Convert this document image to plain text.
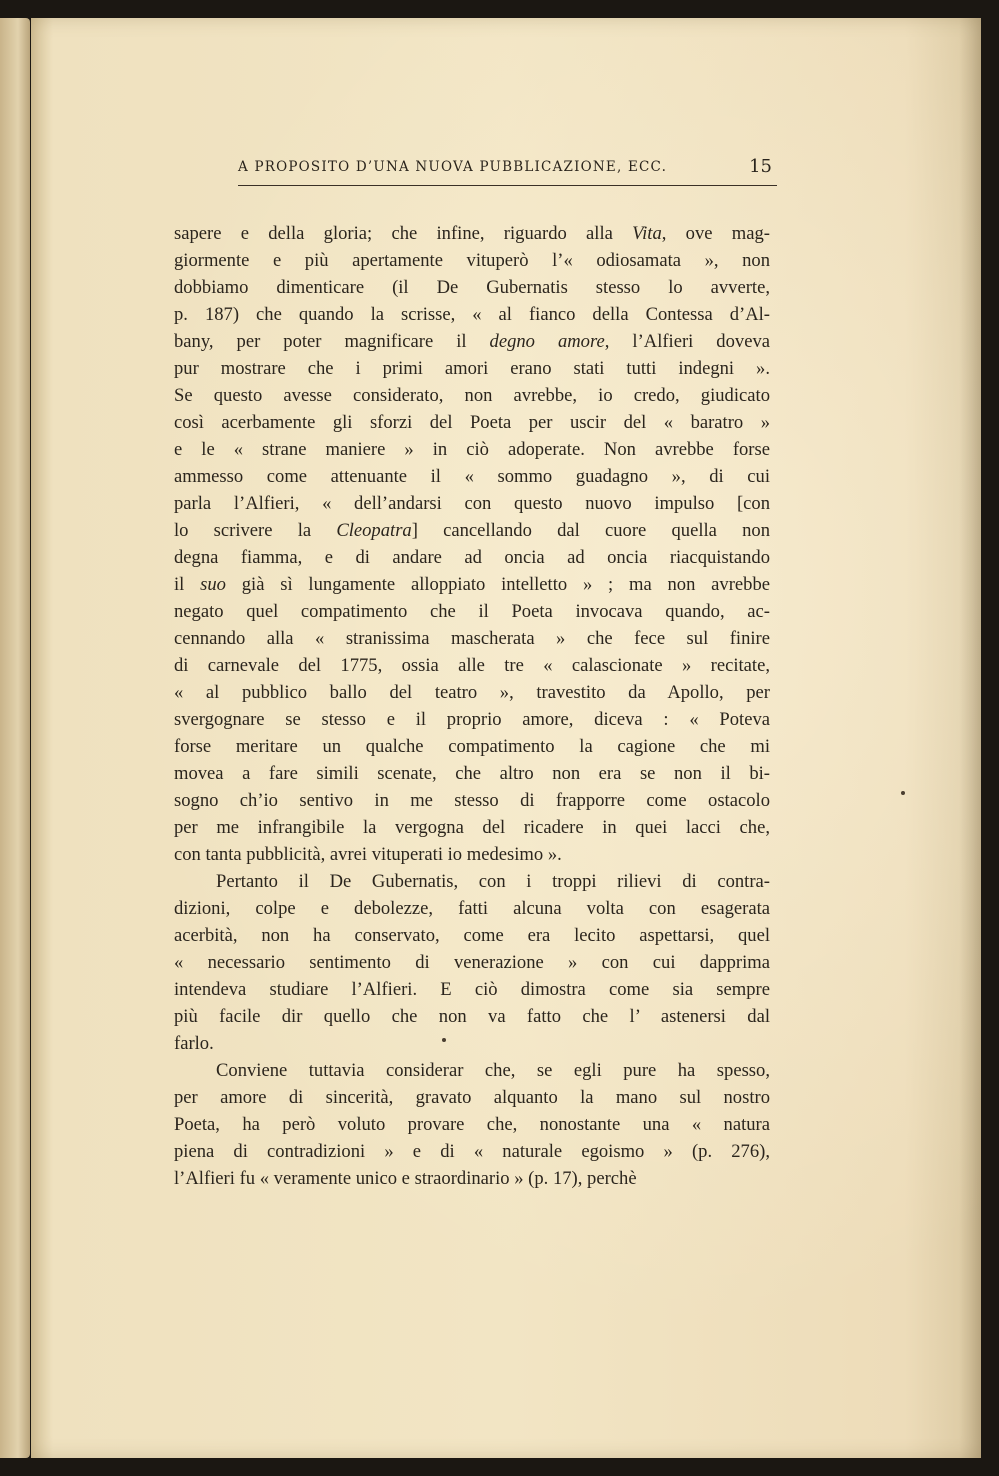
A PROPOSITO D’UNA NUOVA PUBBLICAZIONE, ECC.	15

sapere e della gloria; che infine, riguardo alla Vita, ove mag-
giormente e più apertamente vituperò l’« odiosamata », non
dobbiamo dimenticare (il De Gubernatis stesso lo avverte,
p. 187) che quando la scrisse, « al fianco della Contessa d’Al-
bany, per poter magnificare il degno amore, l’Alfieri doveva
pur mostrare che i primi amori erano stati tutti indegni ».
Se questo avesse considerato, non avrebbe, io credo, giudicato
così acerbamente gli sforzi del Poeta per uscir del « baratro »
e le « strane maniere » in ciò adoperate. Non avrebbe forse
ammesso come attenuante il « sommo guadagno », di cui
parla l’Alfieri, « dell’andarsi con questo nuovo impulso [con
lo scrivere la Cleopatra] cancellando dal cuore quella non
degna fiamma, e di andare ad oncia ad oncia riacquistando
il suo già sì lungamente alloppiato intelletto » ; ma non avrebbe
negato quel compatimento che il Poeta invocava quando, ac-
cennando alla « stranissima mascherata » che fece sul finire
di carnevale del 1775, ossia alle tre « calascionate » recitate,
« al pubblico ballo del teatro », travestito da Apollo, per
svergognare se stesso e il proprio amore, diceva : « Poteva
forse meritare un qualche compatimento la cagione che mi
movea a fare simili scenate, che altro non era se non il bi-
sogno ch’io sentivo in me stesso di frapporre come ostacolo
per me infrangibile la vergogna del ricadere in quei lacci che,
con tanta pubblicità, avrei vituperati io medesimo ».

Pertanto il De Gubernatis, con i troppi rilievi di contra-
dizioni, colpe e debolezze, fatti alcuna volta con esagerata
acerbità, non ha conservato, come era lecito aspettarsi, quel
« necessario sentimento di venerazione » con cui dapprima
intendeva studiare l’Alfieri. E ciò dimostra come sia sempre
più facile dir quello che non va fatto che l’ astenersi dal
farlo.

Conviene tuttavia considerar che, se egli pure ha spesso,
per amore di sincerità, gravato alquanto la mano sul nostro
Poeta, ha però voluto provare che, nonostante una « natura
piena di contradizioni » e di « naturale egoismo » (p. 276),
l’Alfieri fu « veramente unico e straordinario » (p. 17), perchè
